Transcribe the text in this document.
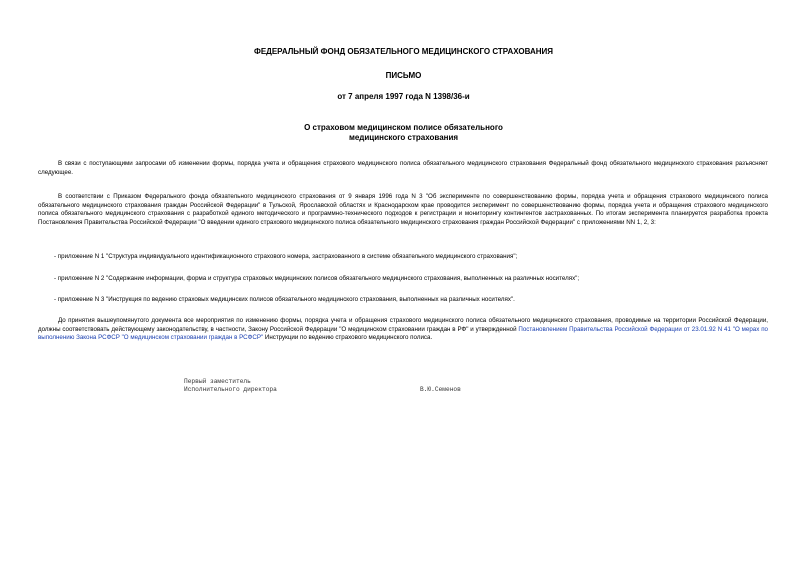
ФЕДЕРАЛЬНЫЙ ФОНД ОБЯЗАТЕЛЬНОГО МЕДИЦИНСКОГО СТРАХОВАНИЯ
ПИСЬМО
от 7 апреля 1997 года N 1398/36-и
О страховом медицинском полисе обязательного
медицинского страхования

В связи с поступающими запросами об изменении формы, порядка учета и обращения страхового медицинского полиса обязательного медицинского страхования Федеральный фонд обязательного медицинского страхования разъясняет следующее.

В соответствии с Приказом Федерального фонда обязательного медицинского страхования от 9 января 1996 года N 3 "Об эксперименте по совершенствованию формы, порядка учета и обращения страхового медицинского полиса обязательного медицинского страхования граждан Российской Федерации" в Тульской, Ярославской областях и Краснодарском крае проводится эксперимент по совершенствованию формы, порядка учета и обращения страхового медицинского полиса обязательного медицинского страхования с разработкой единого методического и программно-технического подходов к регистрации и мониторингу контингентов застрахованных. По итогам эксперимента планируется разработка проекта Постановления Правительства Российской Федерации "О введении единого страхового медицинского полиса обязательного медицинского страхования граждан Российской Федерации" с приложениями NN 1, 2, 3:

- приложение N 1 "Структура индивидуального идентификационного страхового номера, застрахованного в системе обязательного медицинского страхования";

- приложение N 2 "Содержание информации, форма и структура страховых медицинских полисов обязательного медицинского страхования, выполненных на различных носителях";

- приложение N 3 "Инструкция по ведению страховых медицинских полисов обязательного медицинского страхования, выполненных на различных носителях".

До принятия вышеупомянутого документа все мероприятия по изменению формы, порядка учета и обращения страхового медицинского полиса обязательного медицинского страхования, проводимые на территории Российской Федерации, должны соответствовать действующему законодательству, в частности, Закону Российской Федерации "О медицинском страховании граждан в РФ" и утвержденной Постановлением Правительства Российской Федерации от 23.01.92 N 41 "О мерах по выполнению Закона РСФСР "О медицинском страховании граждан в РСФСР" Инструкции по ведению страхового медицинского полиса.

Первый заместитель
Исполнительного директора	В.Ю.Семенов
